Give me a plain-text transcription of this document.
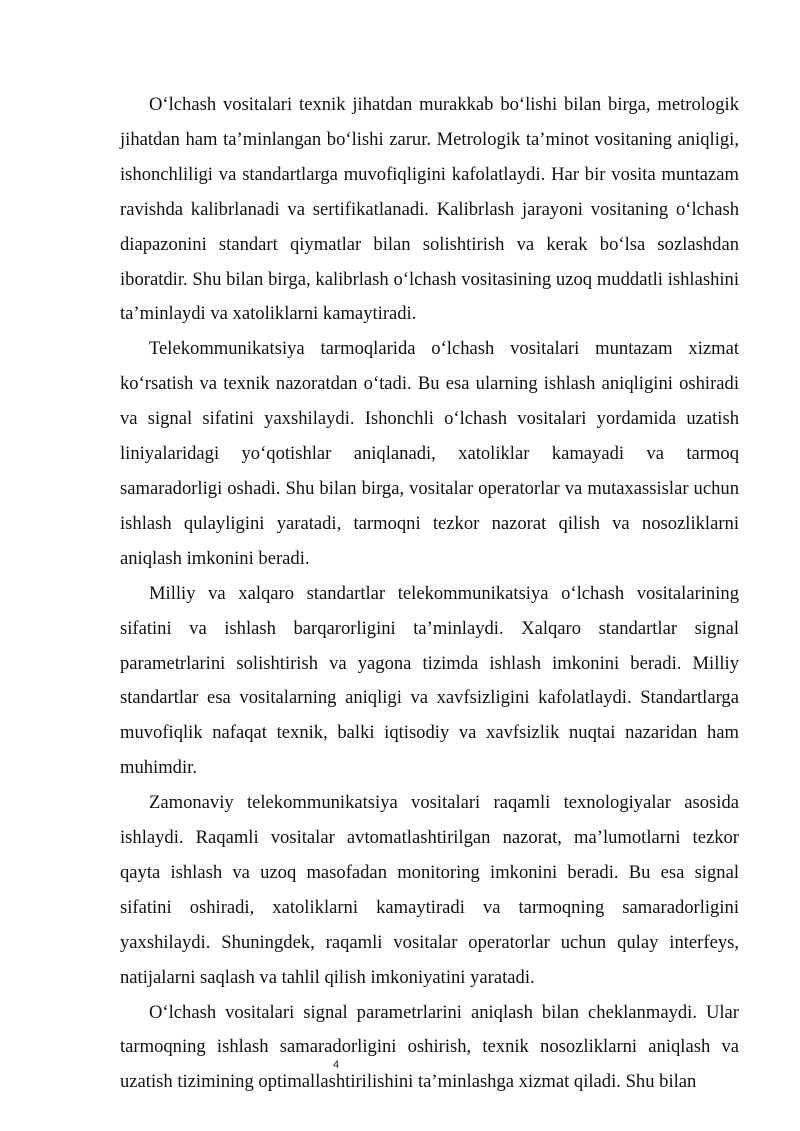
O‘lchash vositalari texnik jihatdan murakkab bo‘lishi bilan birga, metrologik jihatdan ham ta’minlangan bo‘lishi zarur. Metrologik ta’minot vositaning aniqligi, ishonchliligi va standartlarga muvofiqligini kafolatlaydi. Har bir vosita muntazam ravishda kalibrlanadi va sertifikatlanadi. Kalibrlash jarayoni vositaning o‘lchash diapazonini standart qiymatlar bilan solishtirish va kerak bo‘lsa sozlashdan iboratdir. Shu bilan birga, kalibrlash o‘lchash vositasining uzoq muddatli ishlashini ta’minlaydi va xatoliklarni kamaytiradi.

Telekommunikatsiya tarmoqlarida o‘lchash vositalari muntazam xizmat ko‘rsatish va texnik nazoratdan o‘tadi. Bu esa ularning ishlash aniqligini oshiradi va signal sifatini yaxshilaydi. Ishonchli o‘lchash vositalari yordamida uzatish liniyalaridagi yo‘qotishlar aniqlanadi, xatoliklar kamayadi va tarmoq samaradorligi oshadi. Shu bilan birga, vositalar operatorlar va mutaxassislar uchun ishlash qulayligini yaratadi, tarmoqni tezkor nazorat qilish va nosozliklarni aniqlash imkonini beradi.

Milliy va xalqaro standartlar telekommunikatsiya o‘lchash vositalarining sifatini va ishlash barqarorligini ta’minlaydi. Xalqaro standartlar signal parametrlarini solishtirish va yagona tizimda ishlash imkonini beradi. Milliy standartlar esa vositalarning aniqligi va xavfsizligini kafolatlaydi. Standartlarga muvofiqlik nafaqat texnik, balki iqtisodiy va xavfsizlik nuqtai nazaridan ham muhimdir.

Zamonaviy telekommunikatsiya vositalari raqamli texnologiyalar asosida ishlaydi. Raqamli vositalar avtomatlashtirilgan nazorat, ma’lumotlarni tezkor qayta ishlash va uzoq masofadan monitoring imkonini beradi. Bu esa signal sifatini oshiradi, xatoliklarni kamaytiradi va tarmoqning samaradorligini yaxshilaydi. Shuningdek, raqamli vositalar operatorlar uchun qulay interfeys, natijalarni saqlash va tahlil qilish imkoniyatini yaratadi.

O‘lchash vositalari signal parametrlarini aniqlash bilan cheklanmaydi. Ular tarmoqning ishlash samaradorligini oshirish, texnik nosozliklarni aniqlash va uzatish tizimining optimallashtirilishini ta’minlashga xizmat qiladi. Shu bilan

4
